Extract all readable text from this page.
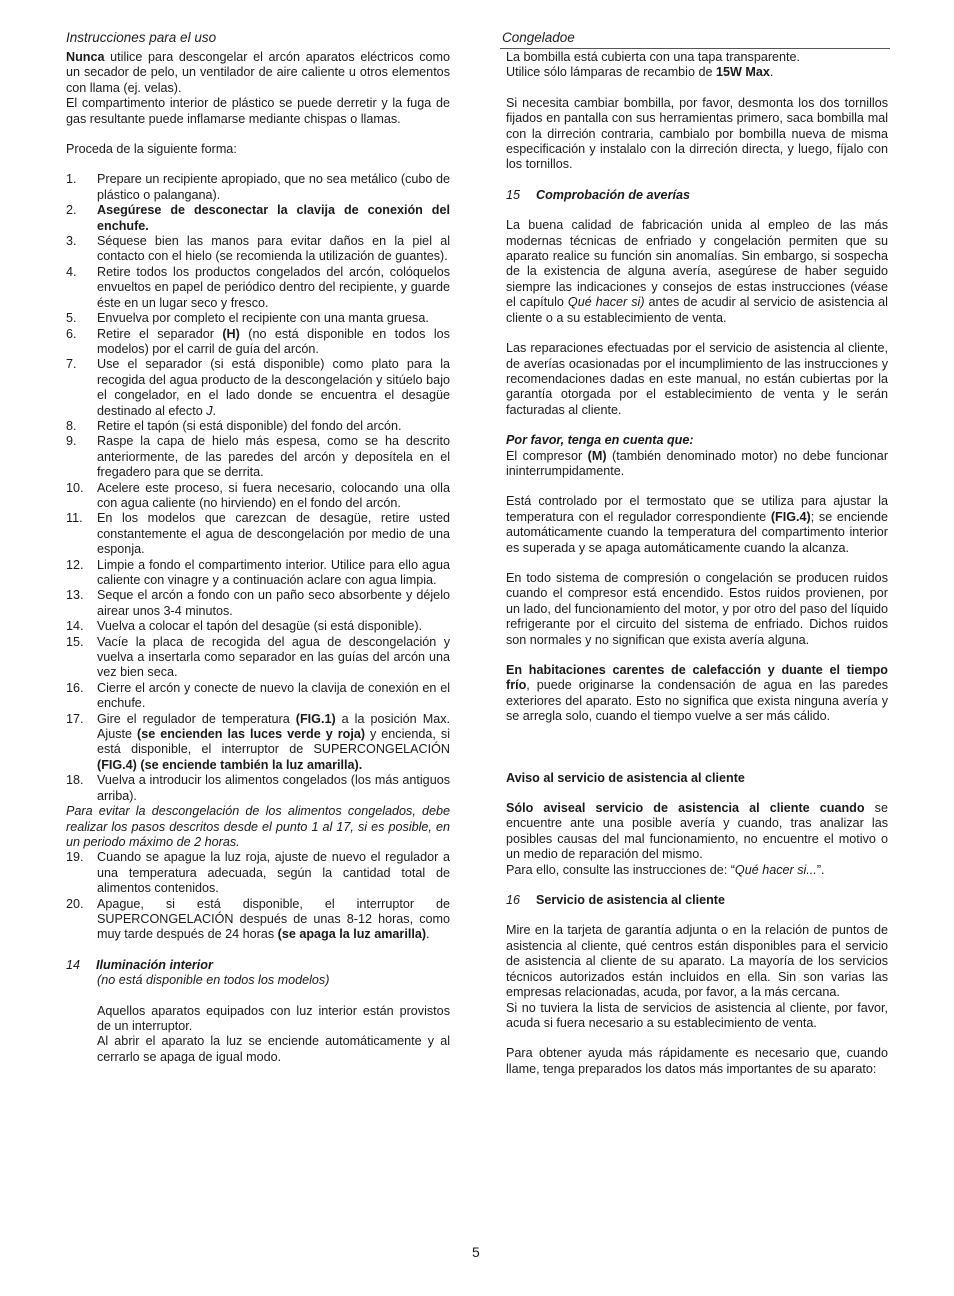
Instrucciones para el uso	Congeladoe

Nunca utilice para descongelar el arcón aparatos eléctricos como un secador de pelo, un ventilador de aire caliente u otros elementos con llama (ej. velas).

El compartimento interior de plástico se puede derretir y la fuga de gas resultante puede inflamarse mediante chispas o llamas.

Proceda de la siguiente forma:

1. Prepare un recipiente apropiado, que no sea metálico (cubo de plástico o palangana).
2. Asegúrese de desconectar la clavija de conexión del enchufe.
3. Séquese bien las manos para evitar daños en la piel al contacto con el hielo (se recomienda la utilización de guantes).
4. Retire todos los productos congelados del arcón, colóquelos envueltos en papel de periódico dentro del recipiente, y guarde éste en un lugar seco y fresco.
5. Envuelva por completo el recipiente con una manta gruesa.
6. Retire el separador (H) (no está disponible en todos los modelos) por el carril de guía del arcón.
7. Use el separador (si está disponible) como plato para la recogida del agua producto de la descongelación y sitúelo bajo el congelador, en el lado donde se encuentra el desagüe destinado al efecto J.
8. Retire el tapón (si está disponible) del fondo del arcón.
9. Raspe la capa de hielo más espesa, como se ha descrito anteriormente, de las paredes del arcón y deposítela en el fregadero para que se derrita.
10. Acelere este proceso, si fuera necesario, colocando una olla con agua caliente (no hirviendo) en el fondo del arcón.
11. En los modelos que carezcan de desagüe, retire usted constantemente el agua de descongelación por medio de una esponja.
12. Limpie a fondo el compartimento interior. Utilice para ello agua caliente con vinagre y a continuación aclare con agua limpia.
13. Seque el arcón a fondo con un paño seco absorbente y déjelo airear unos 3-4 minutos.
14. Vuelva a colocar el tapón del desagüe (si está disponible).
15. Vacíe la placa de recogida del agua de descongelación y vuelva a insertarla como separador en las guías del arcón una vez bien seca.
16. Cierre el arcón y conecte de nuevo la clavija de conexión en el enchufe.
17. Gire el regulador de temperatura (FIG.1) a la posición Max. Ajuste (se encienden las luces verde y roja) y encienda, si está disponible, el interruptor de SUPERCONGELACIÓN (FIG.4) (se enciende también la luz amarilla).
18. Vuelva a introducir los alimentos congelados (los más antiguos arriba).

Para evitar la descongelación de los alimentos congelados, debe realizar los pasos descritos desde el punto 1 al 17, si es posible, en un periodo máximo de 2 horas.

19. Cuando se apague la luz roja, ajuste de nuevo el regulador a una temperatura adecuada, según la cantidad total de alimentos contenidos.
20. Apague, si está disponible, el interruptor de SUPERCONGELACIÓN después de unas 8-12 horas, como muy tarde después de 24 horas (se apaga la luz amarilla).
14 Iluminación interior

(no está disponible en todos los modelos)

Aquellos aparatos equipados con luz interior están provistos de un interruptor.

Al abrir el aparato la luz se enciende automáticamente y al cerrarlo se apaga de igual modo.

La bombilla está cubierta con una tapa transparente.

Utilice sólo lámparas de recambio de 15W Max.

Si necesita cambiar bombilla, por favor, desmonta los dos tornillos fijados en pantalla con sus herramientas primero, saca bombilla mal con la dirreción contraria, cambialo por bombilla nueva de misma especificación y instalalo con la dirreción directa, y luego, fíjalo con los tornillos.

15 Comprobación de averías

La buena calidad de fabricación unida al empleo de las más modernas técnicas de enfriado y congelación permiten que su aparato realice su función sin anomalías. Sin embargo, si sospecha de la existencia de alguna avería, asegúrese de haber seguido siempre las indicaciones y consejos de estas instrucciones (véase el capítulo Qué hacer si) antes de acudir al servicio de asistencia al cliente o a su establecimiento de venta.

Las reparaciones efectuadas por el servicio de asistencia al cliente, de averías ocasionadas por el incumplimiento de las instrucciones y recomendaciones dadas en este manual, no están cubiertas por la garantía otorgada por el establecimiento de venta y le serán facturadas al cliente.

Por favor, tenga en cuenta que:

El compresor (M) (también denominado motor) no debe funcionar ininterrumpidamente.

Está controlado por el termostato que se utiliza para ajustar la temperatura con el regulador correspondiente (FIG.4); se enciende automáticamente cuando la temperatura del compartimento interior es superada y se apaga automáticamente cuando la alcanza.

En todo sistema de compresión o congelación se producen ruidos cuando el compresor está encendido. Estos ruidos provienen, por un lado, del funcionamiento del motor, y por otro del paso del líquido refrigerante por el circuito del sistema de enfriado. Dichos ruidos son normales y no significan que exista avería alguna.

En habitaciones carentes de calefacción y duante el tiempo frío, puede originarse la condensación de agua en las paredes exteriores del aparato. Esto no significa que exista ninguna avería y se arregla solo, cuando el tiempo vuelve a ser más cálido.

Aviso al servicio de asistencia al cliente

Sólo aviseal servicio de asistencia al cliente cuando se encuentre ante una posible avería y cuando, tras analizar las posibles causas del mal funcionamiento, no encuentre el motivo o un medio de reparación del mismo.

Para ello, consulte las instrucciones de: “Qué hacer si...”.

16 Servicio de asistencia al cliente

Mire en la tarjeta de garantía adjunta o en la relación de puntos de asistencia al cliente, qué centros están disponibles para el servicio de asistencia al cliente de su aparato. La mayoría de los servicios técnicos autorizados están incluidos en ella. Sin son varias las empresas relacionadas, acuda, por favor, a la más cercana.

Si no tuviera la lista de servicios de asistencia al cliente, por favor, acuda si fuera necesario a su establecimiento de venta.

Para obtener ayuda más rápidamente es necesario que, cuando llame, tenga preparados los datos más importantes de su aparato:

5
